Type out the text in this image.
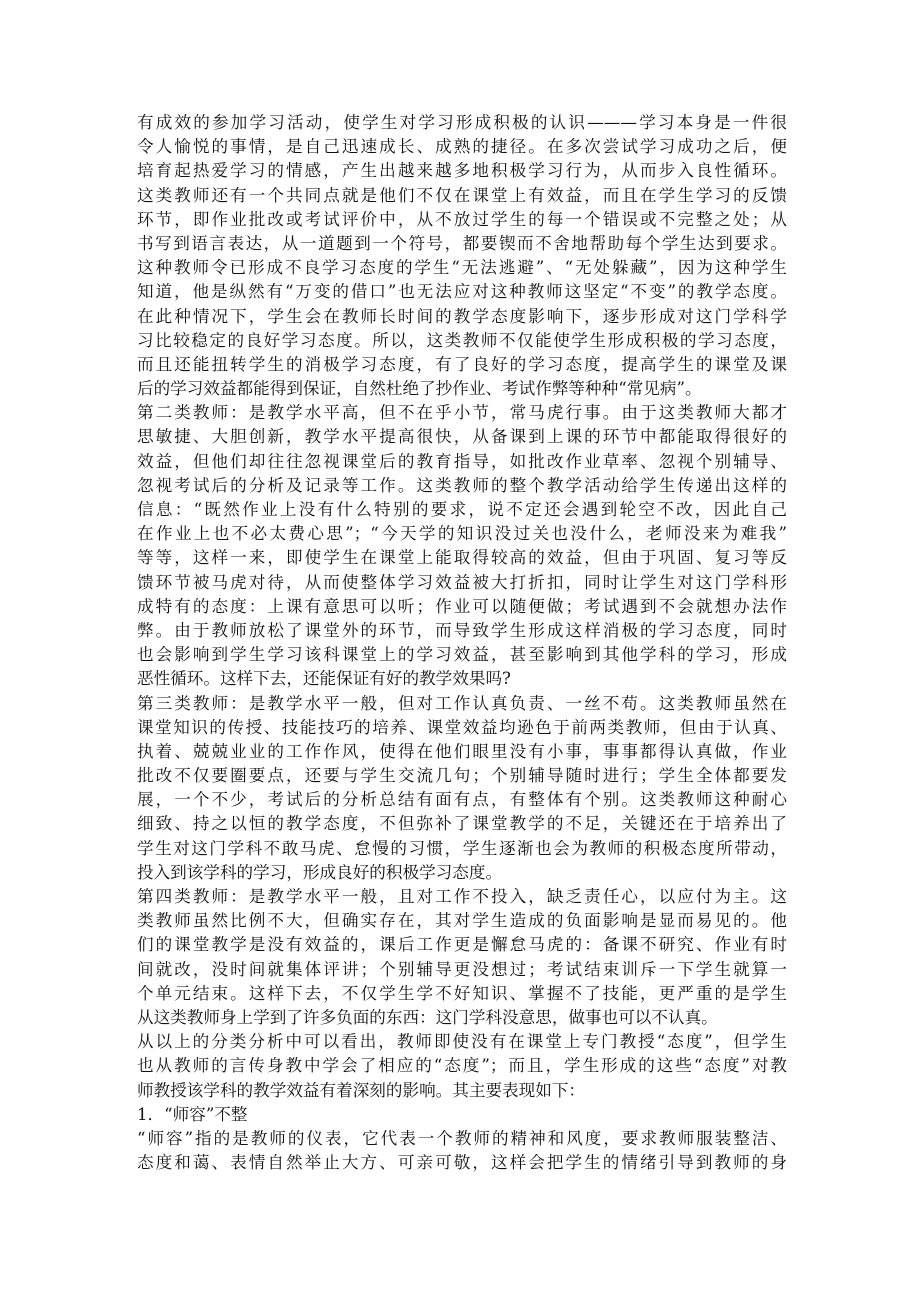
有成效的参加学习活动，使学生对学习形成积极的认识———学习本身是一件很
令人愉悦的事情，是自己迅速成长、成熟的捷径。在多次尝试学习成功之后，便
培育起热爱学习的情感，产生出越来越多地积极学习行为，从而步入良性循环。
这类教师还有一个共同点就是他们不仅在课堂上有效益，而且在学生学习的反馈
环节，即作业批改或考试评价中，从不放过学生的每一个错误或不完整之处；从
书写到语言表达，从一道题到一个符号，都要锲而不舍地帮助每个学生达到要求。
这种教师令已形成不良学习态度的学生“无法逃避”、“无处躲藏”，因为这种学生
知道，他是纵然有“万变的借口”也无法应对这种教师这坚定“不变”的教学态度。
在此种情况下，学生会在教师长时间的教学态度影响下，逐步形成对这门学科学
习比较稳定的良好学习态度。所以，这类教师不仅能使学生形成积极的学习态度，
而且还能扭转学生的消极学习态度，有了良好的学习态度，提高学生的课堂及课
后的学习效益都能得到保证，自然杜绝了抄作业、考试作弊等种种“常见病”。
第二类教师：是教学水平高，但不在乎小节，常马虎行事。由于这类教师大都才
思敏捷、大胆创新，教学水平提高很快，从备课到上课的环节中都能取得很好的
效益，但他们却往往忽视课堂后的教育指导，如批改作业草率、忽视个别辅导、
忽视考试后的分析及记录等工作。这类教师的整个教学活动给学生传递出这样的
信息：“既然作业上没有什么特别的要求，说不定还会遇到轮空不改，因此自己
在作业上也不必太费心思”；“今天学的知识没过关也没什么，老师没来为难我”
等等，这样一来，即使学生在课堂上能取得较高的效益，但由于巩固、复习等反
馈环节被马虎对待，从而使整体学习效益被大打折扣，同时让学生对这门学科形
成特有的态度：上课有意思可以听；作业可以随便做；考试遇到不会就想办法作
弊。由于教师放松了课堂外的环节，而导致学生形成这样消极的学习态度，同时
也会影响到学生学习该科课堂上的学习效益，甚至影响到其他学科的学习，形成
恶性循环。这样下去，还能保证有好的教学效果吗?
第三类教师：是教学水平一般，但对工作认真负责、一丝不苟。这类教师虽然在
课堂知识的传授、技能技巧的培养、课堂效益均逊色于前两类教师，但由于认真、
执着、兢兢业业的工作作风，使得在他们眼里没有小事，事事都得认真做，作业
批改不仅要圈要点，还要与学生交流几句；个别辅导随时进行；学生全体都要发
展，一个不少，考试后的分析总结有面有点，有整体有个别。这类教师这种耐心
细致、持之以恒的教学态度，不但弥补了课堂教学的不足，关键还在于培养出了
学生对这门学科不敢马虎、怠慢的习惯，学生逐渐也会为教师的积极态度所带动，
投入到该学科的学习，形成良好的积极学习态度。
第四类教师：是教学水平一般，且对工作不投入，缺乏责任心，以应付为主。这
类教师虽然比例不大，但确实存在，其对学生造成的负面影响是显而易见的。他
们的课堂教学是没有效益的，课后工作更是懈怠马虎的：备课不研究、作业有时
间就改，没时间就集体评讲；个别辅导更没想过；考试结束训斥一下学生就算一
个单元结束。这样下去，不仅学生学不好知识、掌握不了技能，更严重的是学生
从这类教师身上学到了许多负面的东西：这门学科没意思，做事也可以不认真。
从以上的分类分析中可以看出，教师即使没有在课堂上专门教授“态度”，但学生
也从教师的言传身教中学会了相应的“态度”；而且，学生形成的这些“态度”对教
师教授该学科的教学效益有着深刻的影响。其主要表现如下：
1．“师容”不整
“师容”指的是教师的仪表，它代表一个教师的精神和风度，要求教师服装整洁、
态度和蔼、表情自然举止大方、可亲可敬，这样会把学生的情绪引导到教师的身
